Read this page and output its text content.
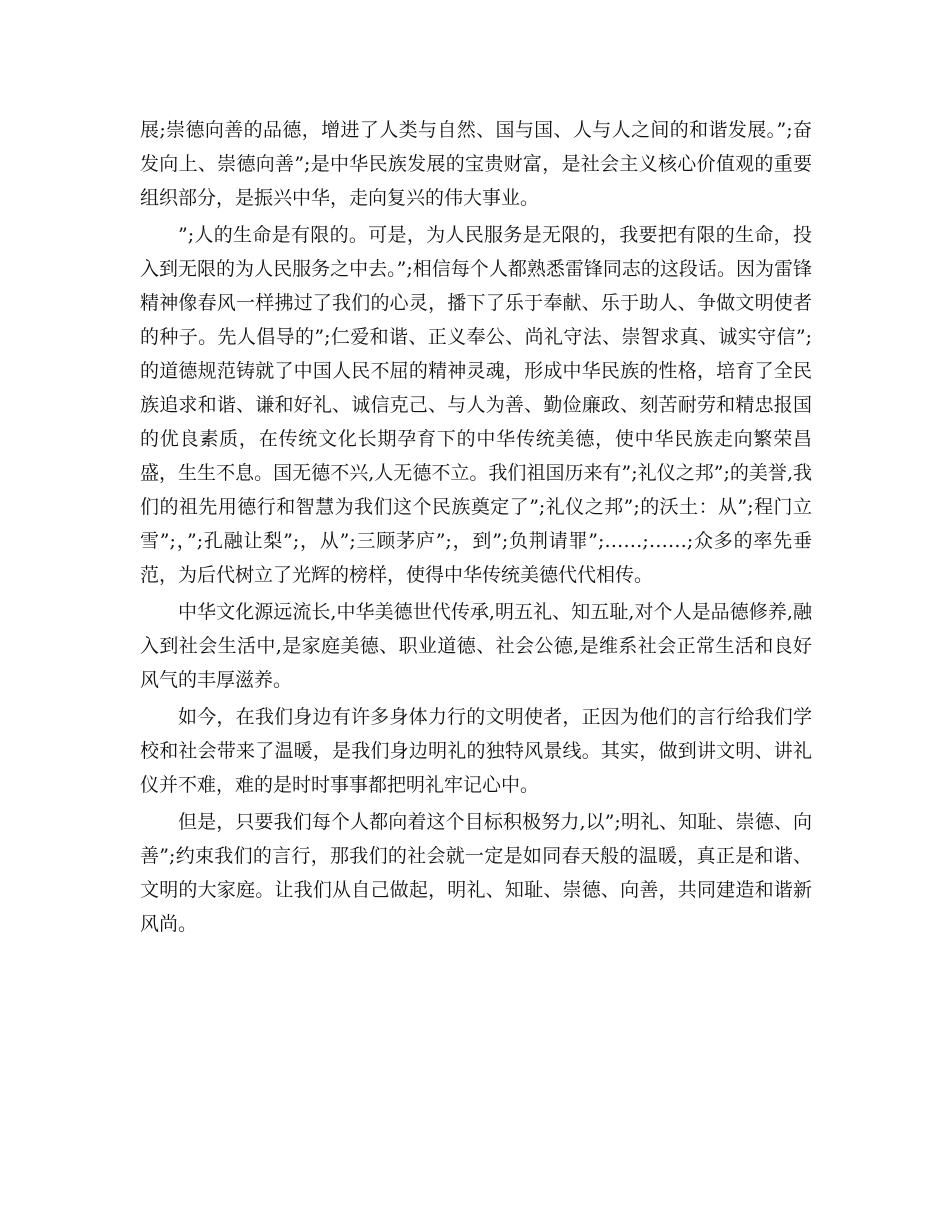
展;崇德向善的品德，增进了人类与自然、国与国、人与人之间的和谐发展。”;奋发向上、崇德向善”;是中华民族发展的宝贵财富，是社会主义核心价值观的重要组织部分，是振兴中华，走向复兴的伟大事业。

”;人的生命是有限的。可是，为人民服务是无限的，我要把有限的生命，投入到无限的为人民服务之中去。”;相信每个人都熟悉雷锋同志的这段话。因为雷锋精神像春风一样拂过了我们的心灵，播下了乐于奉献、乐于助人、争做文明使者的种子。先人倡导的”;仁爱和谐、正义奉公、尚礼守法、崇智求真、诚实守信”;的道德规范铸就了中国人民不屈的精神灵魂，形成中华民族的性格，培育了全民族追求和谐、谦和好礼、诚信克己、与人为善、勤俭廉政、刻苦耐劳和精忠报国的优良素质，在传统文化长期孕育下的中华传统美德，使中华民族走向繁荣昌盛，生生不息。国无德不兴,人无德不立。我们祖国历来有”;礼仪之邦”;的美誉,我们的祖先用德行和智慧为我们这个民族奠定了”;礼仪之邦”;的沃土：从”;程门立雪”;，”;孔融让梨”;，从”;三顾茅庐”;，到”;负荆请罪”;……;……;众多的率先垂范，为后代树立了光辉的榜样，使得中华传统美德代代相传。

中华文化源远流长,中华美德世代传承,明五礼、知五耻,对个人是品德修养,融入到社会生活中,是家庭美德、职业道德、社会公德,是维系社会正常生活和良好风气的丰厚滋养。

如今，在我们身边有许多身体力行的文明使者，正因为他们的言行给我们学校和社会带来了温暖，是我们身边明礼的独特风景线。其实，做到讲文明、讲礼仪并不难，难的是时时事事都把明礼牢记心中。

但是，只要我们每个人都向着这个目标积极努力,以”;明礼、知耻、崇德、向善”;约束我们的言行，那我们的社会就一定是如同春天般的温暖，真正是和谐、文明的大家庭。让我们从自己做起，明礼、知耻、崇德、向善，共同建造和谐新风尚。
